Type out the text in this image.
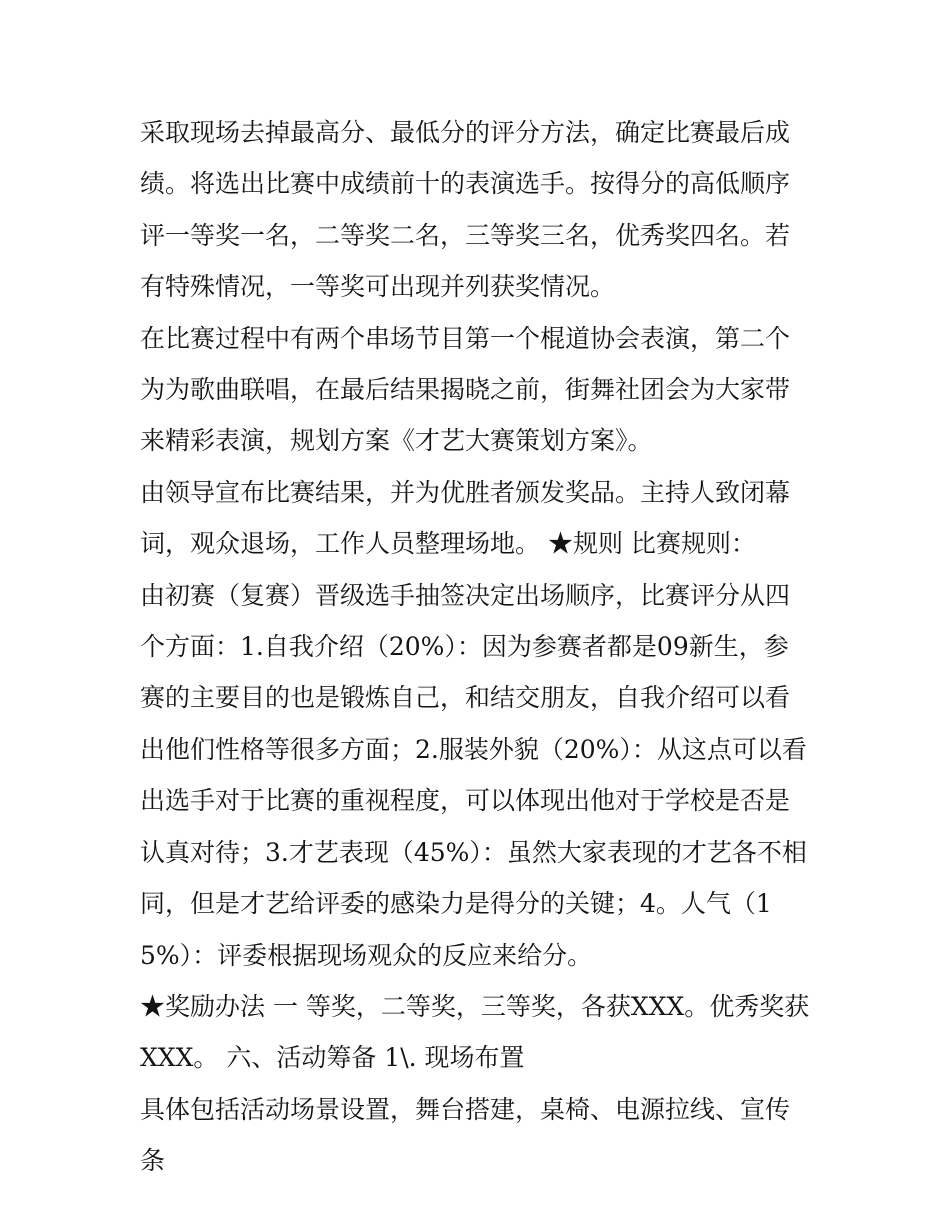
采取现场去掉最高分、最低分的评分方法，确定比赛最后成绩。将选出比赛中成绩前十的表演选手。按得分的高低顺序评一等奖一名，二等奖二名，三等奖三名，优秀奖四名。若有特殊情况，一等奖可出现并列获奖情况。

在比赛过程中有两个串场节目第一个棍道协会表演，第二个为为歌曲联唱，在最后结果揭晓之前，街舞社团会为大家带来精彩表演，规划方案《才艺大赛策划方案》。

由领导宣布比赛结果，并为优胜者颁发奖品。主持人致闭幕词，观众退场，工作人员整理场地。 ★规则 比赛规则：

由初赛（复赛）晋级选手抽签决定出场顺序，比赛评分从四个方面：1.自我介绍（20%）：因为参赛者都是09新生，参赛的主要目的也是锻炼自己，和结交朋友，自我介绍可以看出他们性格等很多方面；2.服装外貌（20%）：从这点可以看出选手对于比赛的重视程度，可以体现出他对于学校是否是认真对待；3.才艺表现（45%）：虽然大家表现的才艺各不相同，但是才艺给评委的感染力是得分的关键；4。人气（15%）：评委根据现场观众的反应来给分。

★奖励办法 一 等奖，二等奖，三等奖，各获XXX。优秀奖获XXX。 六、活动筹备 1\. 现场布置

具体包括活动场景设置，舞台搭建，桌椅、电源拉线、宣传条
